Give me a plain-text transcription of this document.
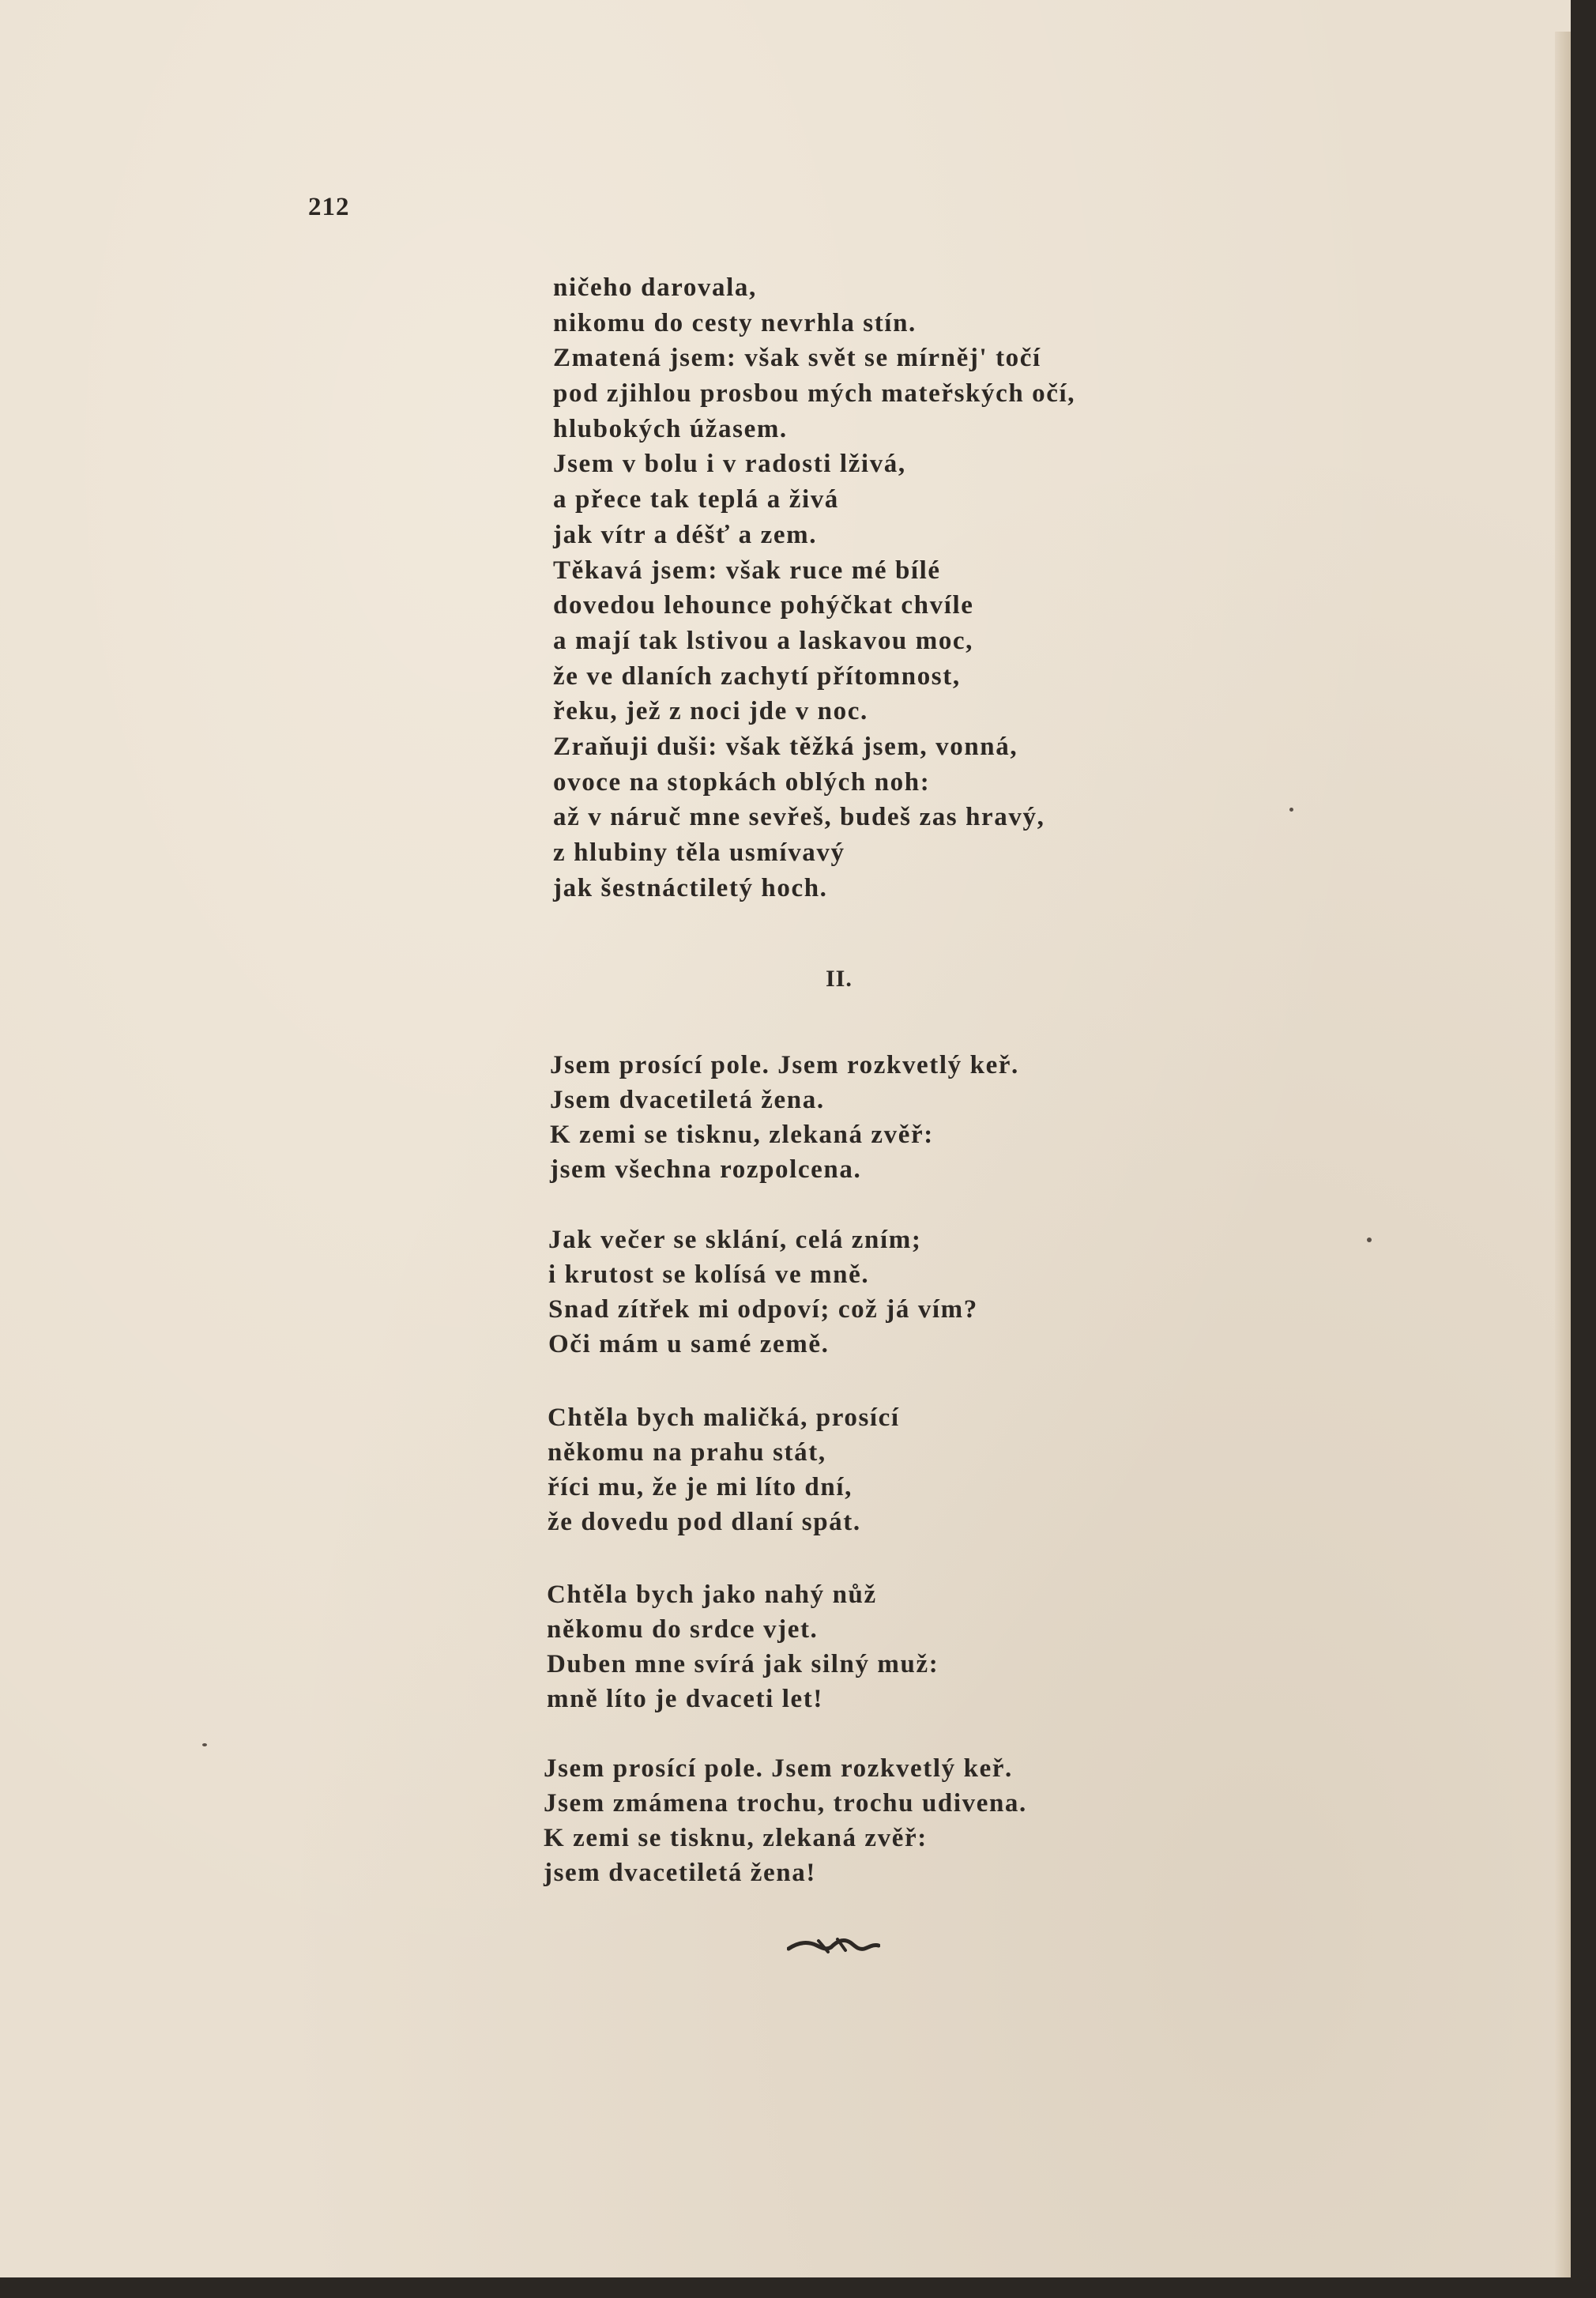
212

ničeho darovala,
nikomu do cesty nevrhla stín.
Zmatená jsem: však svět se mírněj' točí
pod zjihlou prosbou mých mateřských očí,
hlubokých úžasem.
Jsem v bolu i v radosti lživá,
a přece tak teplá a živá
jak vítr a déšť a zem.
Těkavá jsem: však ruce mé bílé
dovedou lehounce pohýčkat chvíle
a mají tak lstivou a laskavou moc,
že ve dlaních zachytí přítomnost,
řeku, jež z noci jde v noc.
Zraňuji duši: však těžká jsem, vonná,
ovoce na stopkách oblých noh:
až v náruč mne sevřeš, budeš zas hravý,
z hlubiny těla usmívavý
jak šestnáctiletý hoch.
II.
Jsem prosící pole. Jsem rozkvetlý keř.
Jsem dvacetiletá žena.
K zemi se tisknu, zlekaná zvěř:
jsem všechna rozpolcena.
Jak večer se sklání, celá zním;
i krutost se kolísá ve mně.
Snad zítřek mi odpoví; což já vím?
Oči mám u samé země.
Chtěla bych maličká, prosící
někomu na prahu stát,
říci mu, že je mi líto dní,
že dovedu pod dlaní spát.
Chtěla bych jako nahý nůž
někomu do srdce vjet.
Duben mne svírá jak silný muž:
mně líto je dvaceti let!
Jsem prosící pole. Jsem rozkvetlý keř.
Jsem zmámena trochu, trochu udivena.
K zemi se tisknu, zlekaná zvěř:
jsem dvacetiletá žena!
